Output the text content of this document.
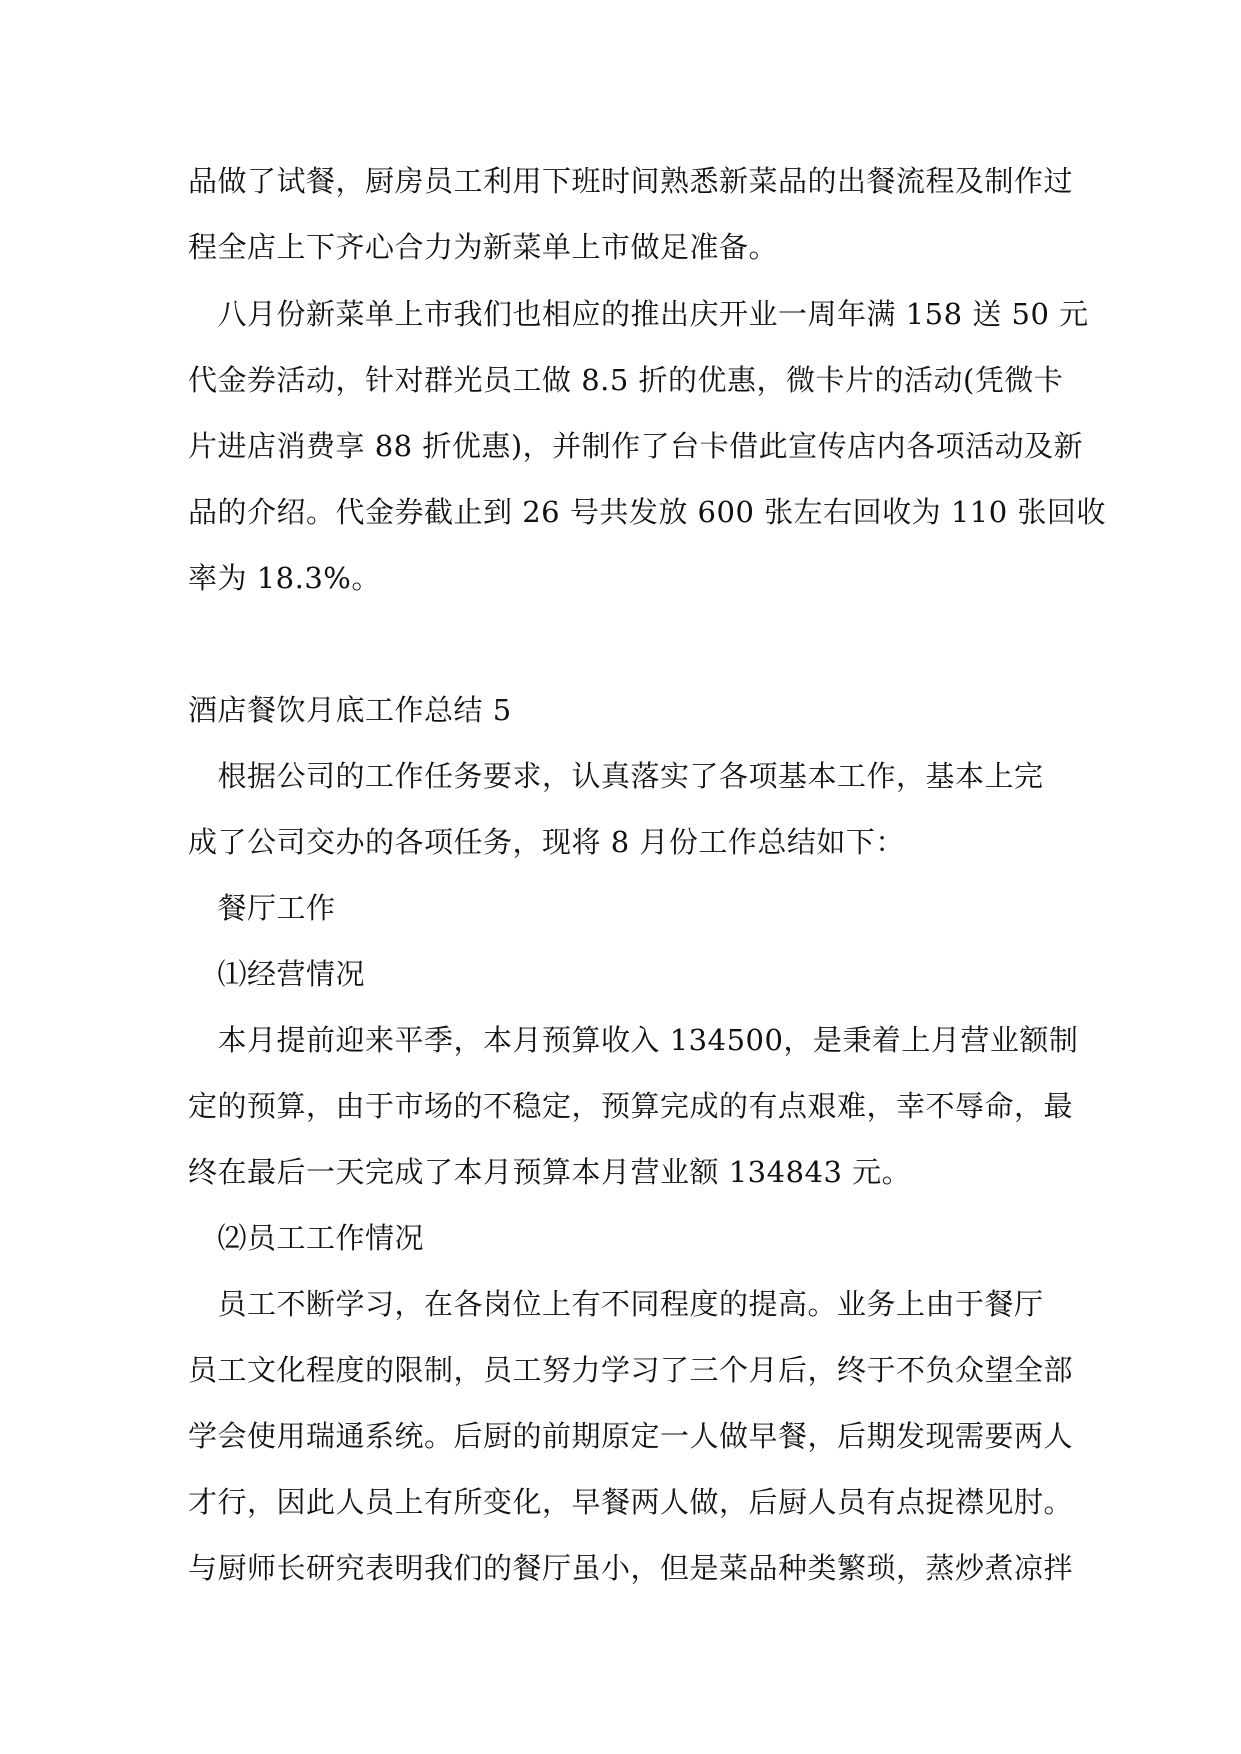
品做了试餐，厨房员工利用下班时间熟悉新菜品的出餐流程及制作过
程全店上下齐心合力为新菜单上市做足准备。
　八月份新菜单上市我们也相应的推出庆开业一周年满 158 送 50 元
代金券活动，针对群光员工做 8.5 折的优惠，微卡片的活动(凭微卡
片进店消费享 88 折优惠)，并制作了台卡借此宣传店内各项活动及新
品的介绍。代金券截止到 26 号共发放 600 张左右回收为 110 张回收
率为 18.3%。
酒店餐饮月底工作总结 5
　根据公司的工作任务要求，认真落实了各项基本工作，基本上完
成了公司交办的各项任务，现将 8 月份工作总结如下：
　餐厅工作
　⑴经营情况
　本月提前迎来平季，本月预算收入 134500，是秉着上月营业额制
定的预算，由于市场的不稳定，预算完成的有点艰难，幸不辱命，最
终在最后一天完成了本月预算本月营业额 134843 元。
　⑵员工工作情况
　员工不断学习，在各岗位上有不同程度的提高。业务上由于餐厅
员工文化程度的限制，员工努力学习了三个月后，终于不负众望全部
学会使用瑞通系统。后厨的前期原定一人做早餐，后期发现需要两人
才行，因此人员上有所变化，早餐两人做，后厨人员有点捉襟见肘。
与厨师长研究表明我们的餐厅虽小，但是菜品种类繁琐，蒸炒煮凉拌
